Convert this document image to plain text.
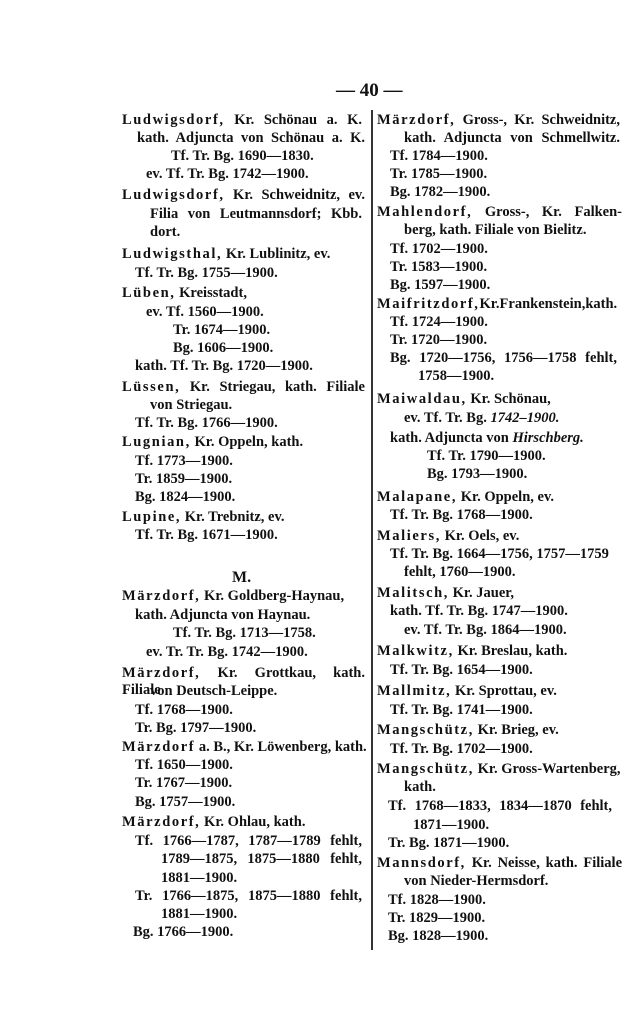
— 40 —
M.
Ludwigsdorf, Kr. Schönau a. K.
kath. Adjuncta von Schönau a. K.
Tf. Tr. Bg. 1690—1830.
ev. Tf. Tr. Bg. 1742—1900.
Ludwigsdorf, Kr. Schweidnitz, ev.
Filia von Leutmannsdorf; Kbb.
dort.
Ludwigsthal, Kr. Lublinitz, ev.
Tf. Tr. Bg. 1755—1900.
Lüben, Kreisstadt,
ev. Tf. 1560—1900.
Tr. 1674—1900.
Bg. 1606—1900.
kath. Tf. Tr. Bg. 1720—1900.
Lüssen, Kr. Striegau, kath. Filiale
von Striegau.
Tf. Tr. Bg. 1766—1900.
Lugnian, Kr. Oppeln, kath.
Tf. 1773—1900.
Tr. 1859—1900.
Bg. 1824—1900.
Lupine, Kr. Trebnitz, ev.
Tf. Tr. Bg. 1671—1900.
Märzdorf, Kr. Goldberg-Haynau,
kath. Adjuncta von Haynau.
Tf. Tr. Bg. 1713—1758.
ev. Tr. Tr. Bg. 1742—1900.
Märzdorf, Kr. Grottkau, kath. Filiale
von Deutsch-Leippe.
Tf. 1768—1900.
Tr. Bg. 1797—1900.
Märzdorf a. B., Kr. Löwenberg, kath.
Tf. 1650—1900.
Tr. 1767—1900.
Bg. 1757—1900.
Märzdorf, Kr. Ohlau, kath.
Tf. 1766—1787, 1787—1789 fehlt,
1789—1875, 1875—1880 fehlt,
1881—1900.
Tr. 1766—1875, 1875—1880 fehlt,
1881—1900.
Bg. 1766—1900.
Märzdorf, Gross-, Kr. Schweidnitz,
kath. Adjuncta von Schmellwitz.
Tf. 1784—1900.
Tr. 1785—1900.
Bg. 1782—1900.
Mahlendorf, Gross-, Kr. Falken-
berg, kath. Filiale von Bielitz.
Tf. 1702—1900.
Tr. 1583—1900.
Bg. 1597—1900.
Maifritzdorf,Kr.Frankenstein,kath.
Tf. 1724—1900.
Tr. 1720—1900.
Bg. 1720—1756, 1756—1758 fehlt,
1758—1900.
Maiwaldau, Kr. Schönau,
ev. Tf. Tr. Bg. 1742–1900.
kath. Adjuncta von Hirschberg.
Tf. Tr. 1790—1900.
Bg. 1793—1900.
Malapane, Kr. Oppeln, ev.
Tf. Tr. Bg. 1768—1900.
Maliers, Kr. Oels, ev.
Tf. Tr. Bg. 1664—1756, 1757—1759
fehlt, 1760—1900.
Malitsch, Kr. Jauer,
kath. Tf. Tr. Bg. 1747—1900.
ev. Tf. Tr. Bg. 1864—1900.
Malkwitz, Kr. Breslau, kath.
Tf. Tr. Bg. 1654—1900.
Mallmitz, Kr. Sprottau, ev.
Tf. Tr. Bg. 1741—1900.
Mangschütz, Kr. Brieg, ev.
Tf. Tr. Bg. 1702—1900.
Mangschütz, Kr. Gross-Wartenberg,
kath.
Tf. 1768—1833, 1834—1870 fehlt,
1871—1900.
Tr. Bg. 1871—1900.
Mannsdorf, Kr. Neisse, kath. Filiale
von Nieder-Hermsdorf.
Tf. 1828—1900.
Tr. 1829—1900.
Bg. 1828—1900.
